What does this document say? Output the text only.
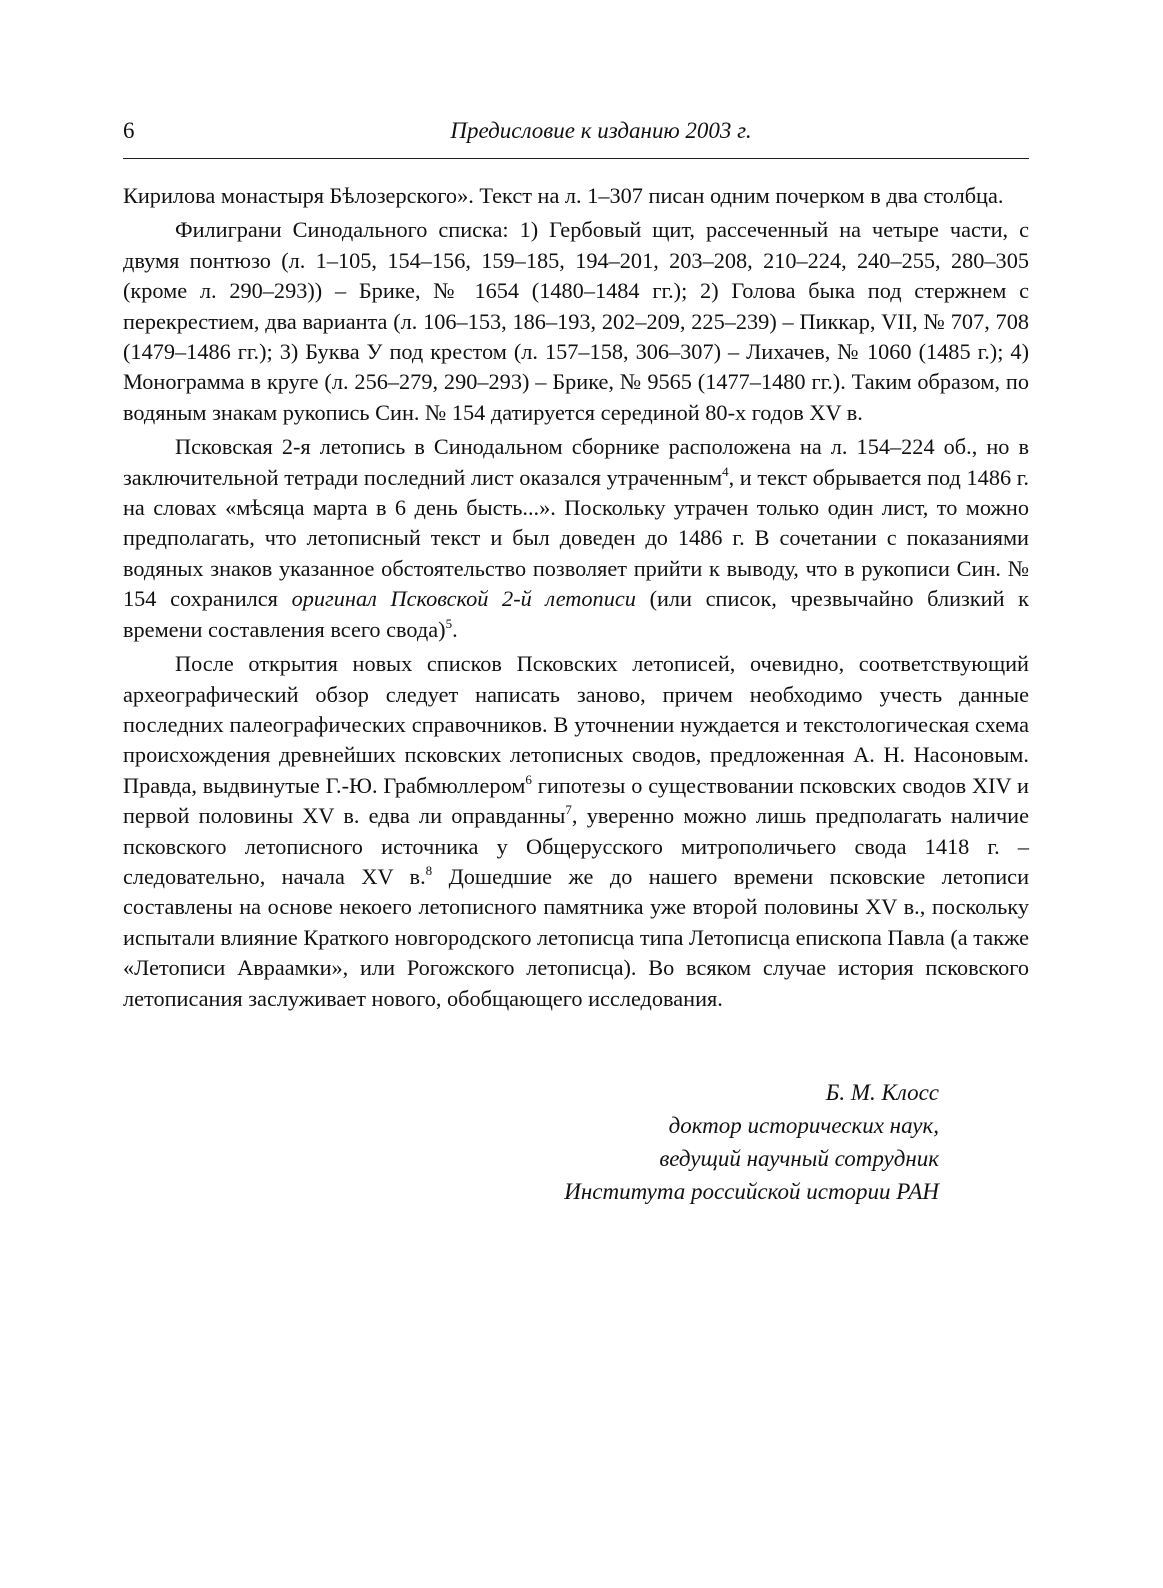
6	Предисловие к изданию 2003 г.

Кирилова монастыря Бѣлозерского». Текст на л. 1–307 писан одним почерком в два столбца.

Филиграни Синодального списка: 1) Гербовый щит, рассеченный на четыре части, с двумя понтюзо (л. 1–105, 154–156, 159–185, 194–201, 203–208, 210–224, 240–255, 280–305 (кроме л. 290–293)) – Брике, № 1654 (1480–1484 гг.); 2) Голова быка под стержнем с перекрестием, два варианта (л. 106–153, 186–193, 202–209, 225–239) – Пиккар, VII, № 707, 708 (1479–1486 гг.); 3) Буква У под крестом (л. 157–158, 306–307) – Лихачев, № 1060 (1485 г.); 4) Монограмма в круге (л. 256–279, 290–293) – Брике, № 9565 (1477–1480 гг.). Таким образом, по водяным знакам рукопись Син. № 154 датируется серединой 80-х годов XV в.

Псковская 2-я летопись в Синодальном сборнике расположена на л. 154–224 об., но в заключительной тетради последний лист оказался утраченным$^4$, и текст обрывается под 1486 г. на словах «мѣсяца марта в 6 день бысть...». Поскольку утрачен только один лист, то можно предполагать, что летописный текст и был доведен до 1486 г. В сочетании с показаниями водяных знаков указанное обстоятельство позволяет прийти к выводу, что в рукописи Син. № 154 сохранился оригинал Псковской 2-й летописи (или список, чрезвычайно близкий к времени составления всего свода)$^5$.

После открытия новых списков Псковских летописей, очевидно, соответствующий археографический обзор следует написать заново, причем необходимо учесть данные последних палеографических справочников. В уточнении нуждается и текстологическая схема происхождения древнейших псковских летописных сводов, предложенная А. Н. Насоновым. Правда, выдвинутые Г.-Ю. Грабмюллером$^6$ гипотезы о существовании псковских сводов XIV и первой половины XV в. едва ли оправданны$^7$, уверенно можно лишь предполагать наличие псковского летописного источника у Общерусского митрополичьего свода 1418 г. – следовательно, начала XV в.$^8$ Дошедшие же до нашего времени псковские летописи составлены на основе некоего летописного памятника уже второй половины XV в., поскольку испытали влияние Краткого новгородского летописца типа Летописца епископа Павла (а также «Летописи Авраамки», или Рогожского летописца). Во всяком случае история псковского летописания заслуживает нового, обобщающего исследования.

Б. М. Клосс
доктор исторических наук,
ведущий научный сотрудник
Института российской истории РАН
